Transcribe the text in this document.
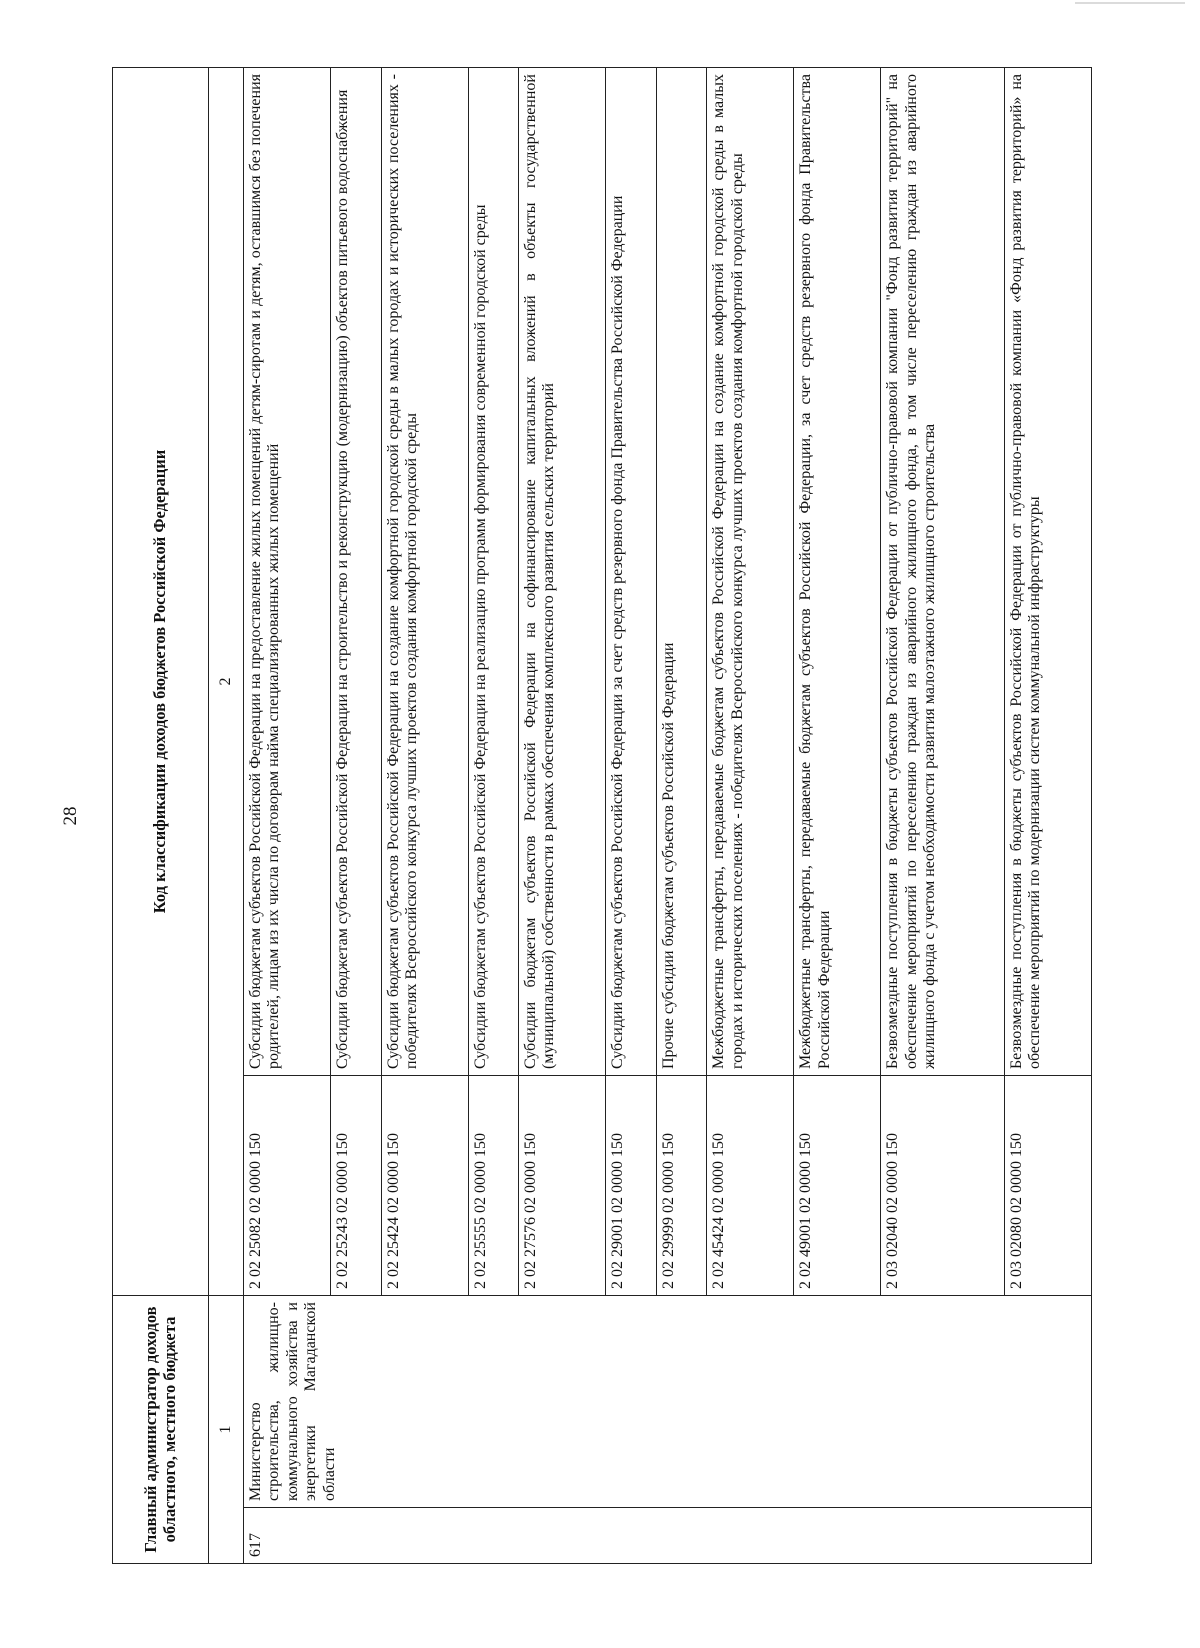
28
Главный администратор доходов областного, местного бюджета		Код классификации доходов бюджетов Российской Федерации	
1		2	
617	Министерство строительства, жилищно-коммунального хозяйства и энергетики Магаданской области	2 02 25082 02 0000 150	Субсидии бюджетам субъектов Российской Федерации на предоставление жилых помещений детям-сиротам и детям, оставшимся без попечения родителей, лицам из их числа по договорам найма специализированных жилых помещений
		2 02 25243 02 0000 150	Субсидии бюджетам субъектов Российской Федерации на строительство и реконструкцию (модернизацию) объектов питьевого водоснабжения
		2 02 25424 02 0000 150	Субсидии бюджетам субъектов Российской Федерации на создание комфортной городской среды в малых городах и исторических поселениях - победителях Всероссийского конкурса лучших проектов создания комфортной городской среды
		2 02 25555 02 0000 150	Субсидии бюджетам субъектов Российской Федерации на реализацию программ формирования современной городской среды
		2 02 27576 02 0000 150	Субсидии бюджетам субъектов Российской Федерации на софинансирование капитальных вложений в объекты государственной (муниципальной) собственности в рамках обеспечения комплексного развития сельских территорий
		2 02 29001 02 0000 150	Субсидии бюджетам субъектов Российской Федерации за счет средств резервного фонда Правительства Российской Федерации
		2 02 29999 02 0000 150	Прочие субсидии бюджетам субъектов Российской Федерации
		2 02 45424 02 0000 150	Межбюджетные трансферты, передаваемые бюджетам субъектов Российской Федерации на создание комфортной городской среды в малых городах и исторических поселениях - победителях Всероссийского конкурса лучших проектов создания комфортной городской среды
		2 02 49001 02 0000 150	Межбюджетные трансферты, передаваемые бюджетам субъектов Российской Федерации, за счет средств резервного фонда Правительства Российской Федерации
		2 03 02040 02 0000 150	Безвозмездные поступления в бюджеты субъектов Российской Федерации от публично-правовой компании "Фонд развития территорий" на обеспечение мероприятий по переселению граждан из аварийного жилищного фонда, в том числе переселению граждан из аварийного жилищного фонда с учетом необходимости развития малоэтажного жилищного строительства
		2 03 02080 02 0000 150	Безвозмездные поступления в бюджеты субъектов Российской Федерации от публично-правовой компании «Фонд развития территорий» на обеспечение мероприятий по модернизации систем коммунальной инфраструктуры
